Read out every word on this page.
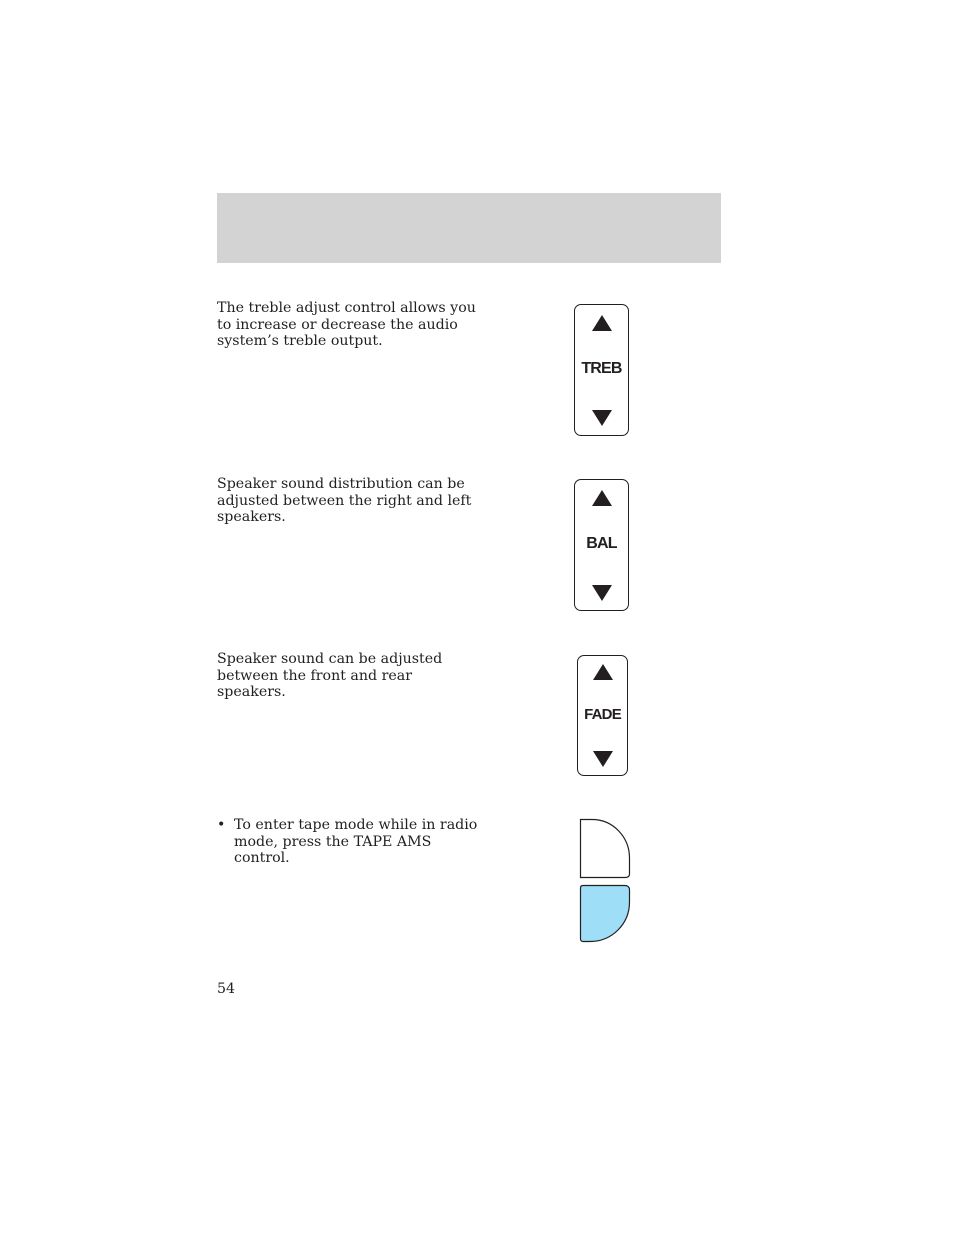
The treble adjust control allows you
to increase or decrease the audio
system’s treble output.

TREB

Speaker sound distribution can be
adjusted between the right and left
speakers.

BAL

Speaker sound can be adjusted
between the front and rear
speakers.

FADE
• To enter tape mode while in radio
mode, press the TAPE AMS
control.
54
